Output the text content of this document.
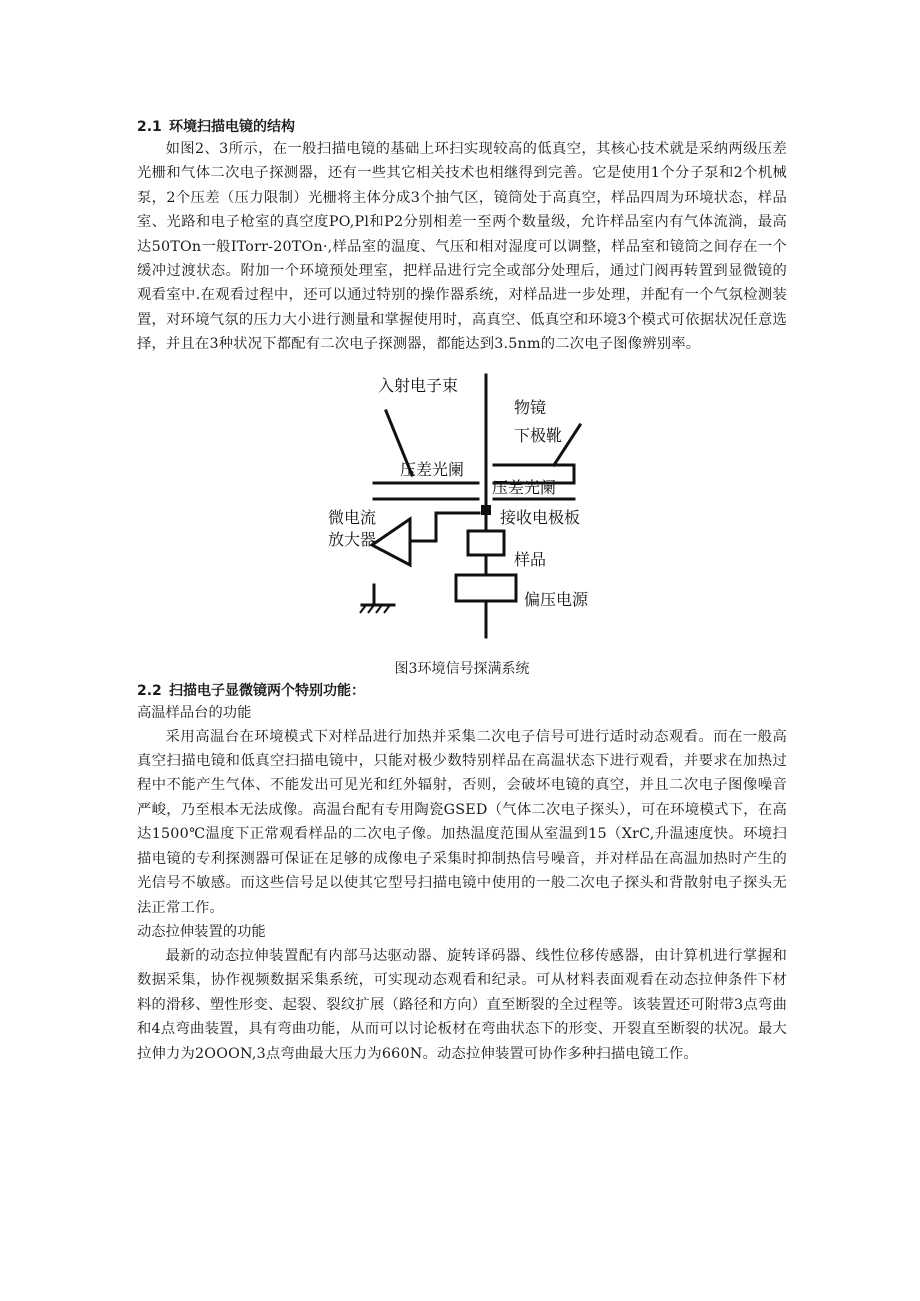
2.1 环境扫描电镜的结构

如图2、3所示，在一般扫描电镜的基础上环扫实现较高的低真空，其核心技术就是采纳两级压差光栅和气体二次电子探测器，还有一些其它相关技术也相继得到完善。它是使用1个分子泵和2个机械泵，2个压差（压力限制）光栅将主体分成3个抽气区，镜筒处于高真空，样品四周为环境状态，样品室、光路和电子枪室的真空度PO,Pl和P2分别相差一至两个数量级，允许样品室内有气体流淌，最高达50TOn一般ITorr-20TOn·,样品室的温度、气压和相对湿度可以调整，样品室和镜筒之间存在一个缓冲过渡状态。附加一个环境预处理室，把样品进行完全或部分处理后，通过门阀再转置到显微镜的观看室中.在观看过程中，还可以通过特别的操作器系统，对样品进一步处理，并配有一个气氛检测装置，对环境气氛的压力大小进行测量和掌握使用时，高真空、低真空和环境3个模式可依据状况任意选择，并且在3种状况下都配有二次电子探测器，都能达到3.5nm的二次电子图像辨别率。

入射电子束
物镜
下极靴
压差光阑
压差光阑
微电流
放大器
接收电极板
样品
偏压电源

图3环境信号探满系统

2.2 扫描电子显微镜两个特别功能：

高温样品台的功能

采用高温台在环境模式下对样品进行加热并采集二次电子信号可进行适时动态观看。而在一般高真空扫描电镜和低真空扫描电镜中，只能对极少数特别样品在高温状态下进行观看，并要求在加热过程中不能产生气体、不能发出可见光和红外辐射，否则，会破坏电镜的真空，并且二次电子图像噪音严峻，乃至根本无法成像。高温台配有专用陶瓷GSED（气体二次电子探头），可在环境模式下，在高达1500℃温度下正常观看样品的二次电子像。加热温度范围从室温到15（XrC,升温速度快。环境扫描电镜的专利探测器可保证在足够的成像电子采集时抑制热信号噪音，并对样品在高温加热时产生的光信号不敏感。而这些信号足以使其它型号扫描电镜中使用的一般二次电子探头和背散射电子探头无法正常工作。

动态拉伸装置的功能

最新的动态拉伸装置配有内部马达驱动器、旋转译码器、线性位移传感器，由计算机进行掌握和数据采集，协作视频数据采集系统，可实现动态观看和纪录。可从材料表面观看在动态拉伸条件下材料的滑移、塑性形变、起裂、裂纹扩展（路径和方向）直至断裂的全过程等。该装置还可附带3点弯曲和4点弯曲装置，具有弯曲功能，从而可以讨论板材在弯曲状态下的形变、开裂直至断裂的状况。最大拉伸力为2OOON,3点弯曲最大压力为660N。动态拉伸装置可协作多种扫描电镜工作。
